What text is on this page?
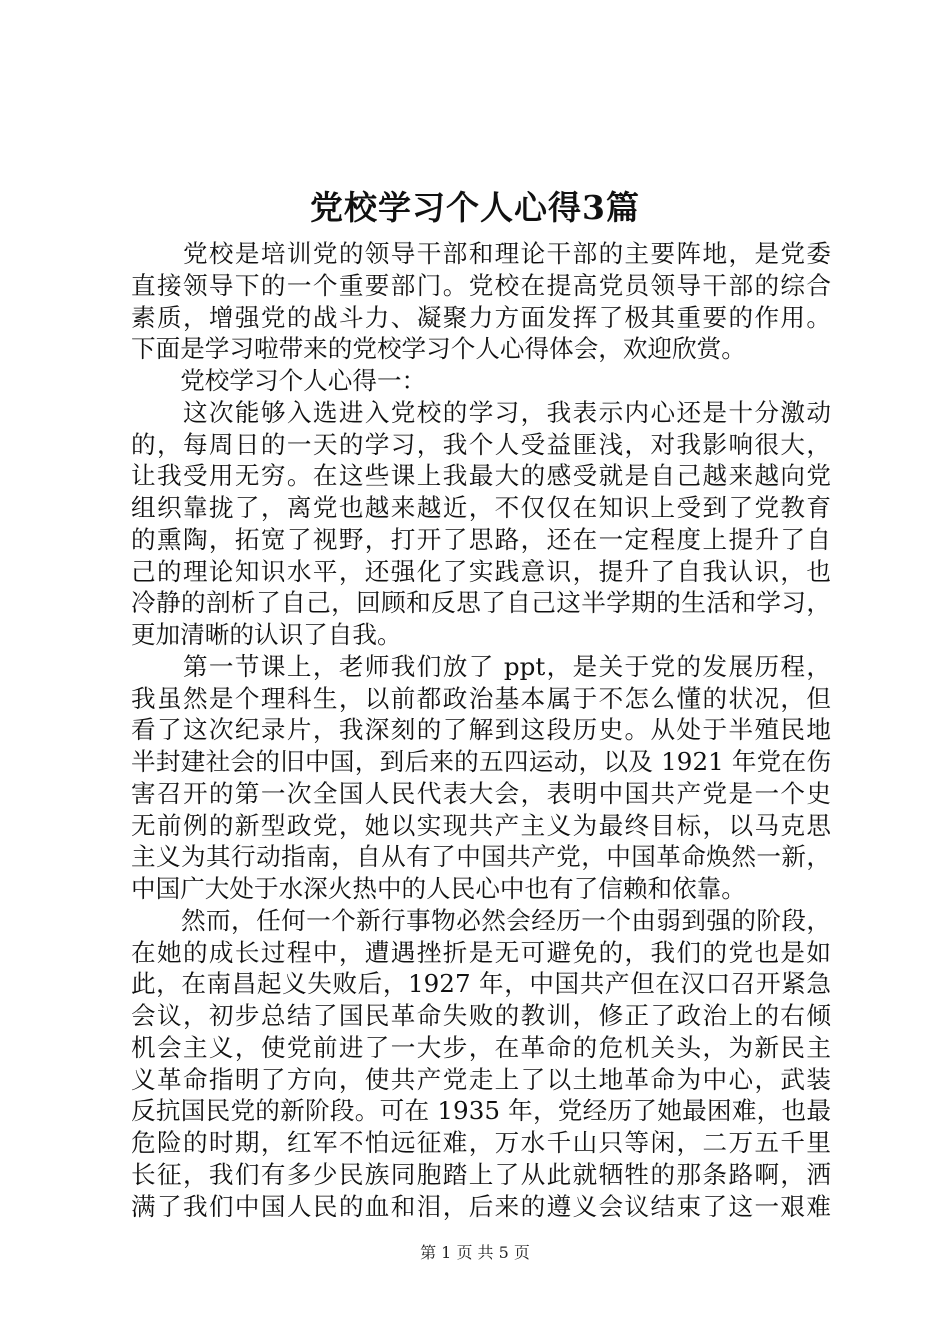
党校学习个人心得3篇
　　党校是培训党的领导干部和理论干部的主要阵地，是党委
直接领导下的一个重要部门。党校在提高党员领导干部的综合
素质，增强党的战斗力、凝聚力方面发挥了极其重要的作用。
下面是学习啦带来的党校学习个人心得体会，欢迎欣赏。
　　党校学习个人心得一：
　　这次能够入选进入党校的学习，我表示内心还是十分激动
的，每周日的一天的学习，我个人受益匪浅，对我影响很大，
让我受用无穷。在这些课上我最大的感受就是自己越来越向党
组织靠拢了，离党也越来越近，不仅仅在知识上受到了党教育
的熏陶，拓宽了视野，打开了思路，还在一定程度上提升了自
己的理论知识水平，还强化了实践意识，提升了自我认识，也
冷静的剖析了自己，回顾和反思了自己这半学期的生活和学习，
更加清晰的认识了自我。
　　第一节课上，老师我们放了 ppt，是关于党的发展历程，
我虽然是个理科生，以前都政治基本属于不怎么懂的状况，但
看了这次纪录片，我深刻的了解到这段历史。从处于半殖民地
半封建社会的旧中国，到后来的五四运动，以及 1921 年党在伤
害召开的第一次全国人民代表大会，表明中国共产党是一个史
无前例的新型政党，她以实现共产主义为最终目标，以马克思
主义为其行动指南，自从有了中国共产党，中国革命焕然一新，
中国广大处于水深火热中的人民心中也有了信赖和依靠。
　　然而，任何一个新行事物必然会经历一个由弱到强的阶段，
在她的成长过程中，遭遇挫折是无可避免的，我们的党也是如
此，在南昌起义失败后，1927 年，中国共产但在汉口召开紧急
会议，初步总结了国民革命失败的教训，修正了政治上的右倾
机会主义，使党前进了一大步，在革命的危机关头，为新民主
义革命指明了方向，使共产党走上了以土地革命为中心，武装
反抗国民党的新阶段。可在 1935 年，党经历了她最困难，也最
危险的时期，红军不怕远征难，万水千山只等闲，二万五千里
长征，我们有多少民族同胞踏上了从此就牺牲的那条路啊，洒
满了我们中国人民的血和泪，后来的遵义会议结束了这一艰难
第 1 页 共 5 页
